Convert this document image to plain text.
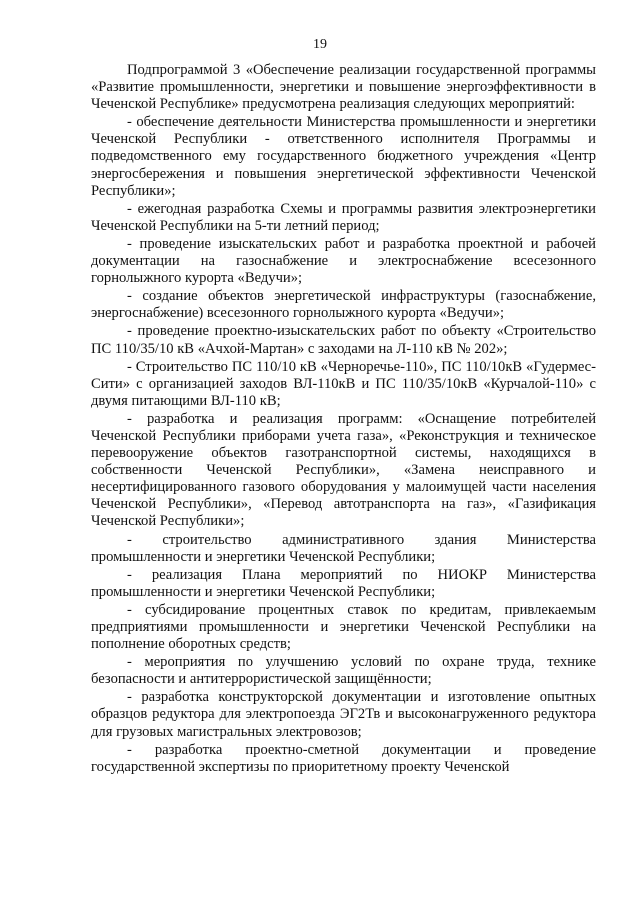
19

Подпрограммой 3 «Обеспечение реализации государственной программы «Развитие промышленности, энергетики и повышение энергоэффективности в Чеченской Республике» предусмотрена реализация следующих мероприятий:

- обеспечение деятельности Министерства промышленности и энергетики Чеченской Республики - ответственного исполнителя Программы и подведомственного ему государственного бюджетного учреждения «Центр энергосбережения и повышения энергетической эффективности Чеченской Республики»;

- ежегодная разработка Схемы и программы развития электроэнергетики Чеченской Республики на 5-ти летний период;

- проведение изыскательских работ и разработка проектной и рабочей документации на газоснабжение и электроснабжение всесезонного горнолыжного курорта «Ведучи»;

- создание объектов энергетической инфраструктуры (газоснабжение, энергоснабжение) всесезонного горнолыжного курорта «Ведучи»;

- проведение проектно-изыскательских работ по объекту «Строительство ПС 110/35/10 кВ «Ачхой-Мартан» с заходами на Л-110 кВ № 202»;

- Строительство ПС 110/10 кВ «Черноречье-110», ПС 110/10кВ «Гудермес-Сити» с организацией заходов ВЛ-110кВ и ПС 110/35/10кВ «Курчалой-110» с двумя питающими ВЛ-110 кВ;

- разработка и реализация программ: «Оснащение потребителей Чеченской Республики приборами учета газа», «Реконструкция и техническое перевооружение объектов газотранспортной системы, находящихся в собственности Чеченской Республики», «Замена неисправного и несертифицированного газового оборудования у малоимущей части населения Чеченской Республики», «Перевод автотранспорта на газ», «Газификация Чеченской Республики»;

- строительство административного здания Министерства промышленности и энергетики Чеченской Республики;

- реализация Плана мероприятий по НИОКР Министерства промышленности и энергетики Чеченской Республики;

- субсидирование процентных ставок по кредитам, привлекаемым предприятиями промышленности и энергетики Чеченской Республики на пополнение оборотных средств;

- мероприятия по улучшению условий по охране труда, технике безопасности и антитеррористической защищённости;

- разработка конструкторской документации и изготовление опытных образцов редуктора для электропоезда ЭГ2Тв и высоконагруженного редуктора для грузовых магистральных электровозов;

- разработка проектно-сметной документации и проведение государственной экспертизы по приоритетному проекту Чеченской
